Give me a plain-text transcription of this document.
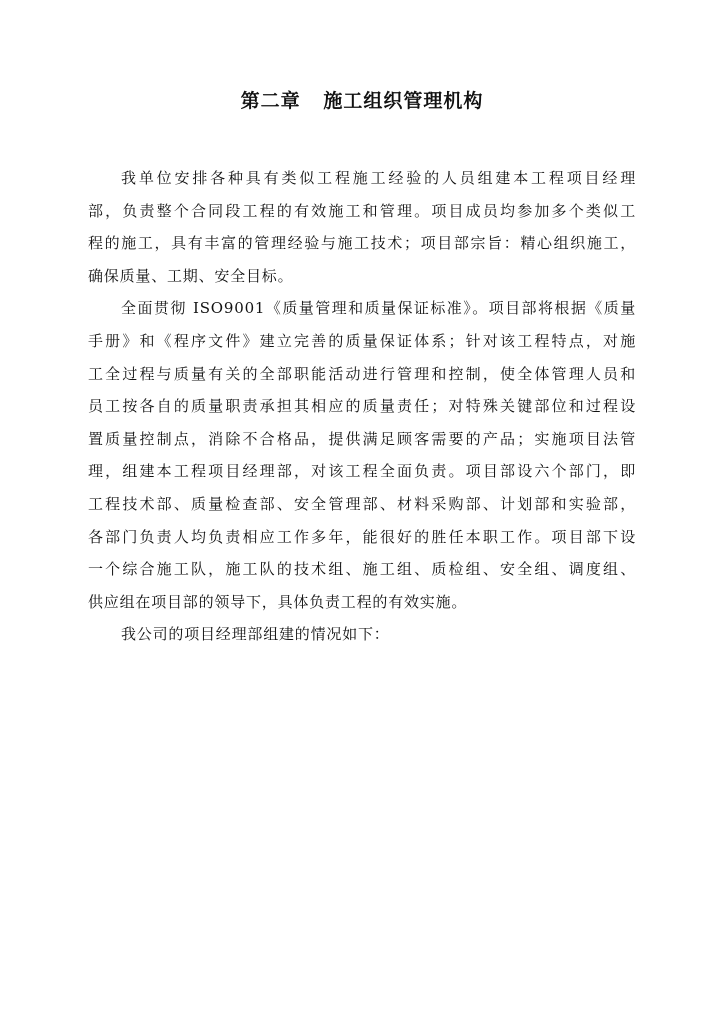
第二章   施工组织管理机构

我单位安排各种具有类似工程施工经验的人员组建本工程项目经理
部，负责整个合同段工程的有效施工和管理。项目成员均参加多个类似工
程的施工，具有丰富的管理经验与施工技术；项目部宗旨：精心组织施工，
确保质量、工期、安全目标。

全面贯彻 ISO9001《质量管理和质量保证标准》。项目部将根据《质量
手册》和《程序文件》建立完善的质量保证体系；针对该工程特点，对施
工全过程与质量有关的全部职能活动进行管理和控制，使全体管理人员和
员工按各自的质量职责承担其相应的质量责任；对特殊关键部位和过程设
置质量控制点，消除不合格品，提供满足顾客需要的产品；实施项目法管
理，组建本工程项目经理部，对该工程全面负责。项目部设六个部门，即
工程技术部、质量检查部、安全管理部、材料采购部、计划部和实验部，
各部门负责人均负责相应工作多年，能很好的胜任本职工作。项目部下设
一个综合施工队，施工队的技术组、施工组、质检组、安全组、调度组、
供应组在项目部的领导下，具体负责工程的有效实施。

我公司的项目经理部组建的情况如下：
